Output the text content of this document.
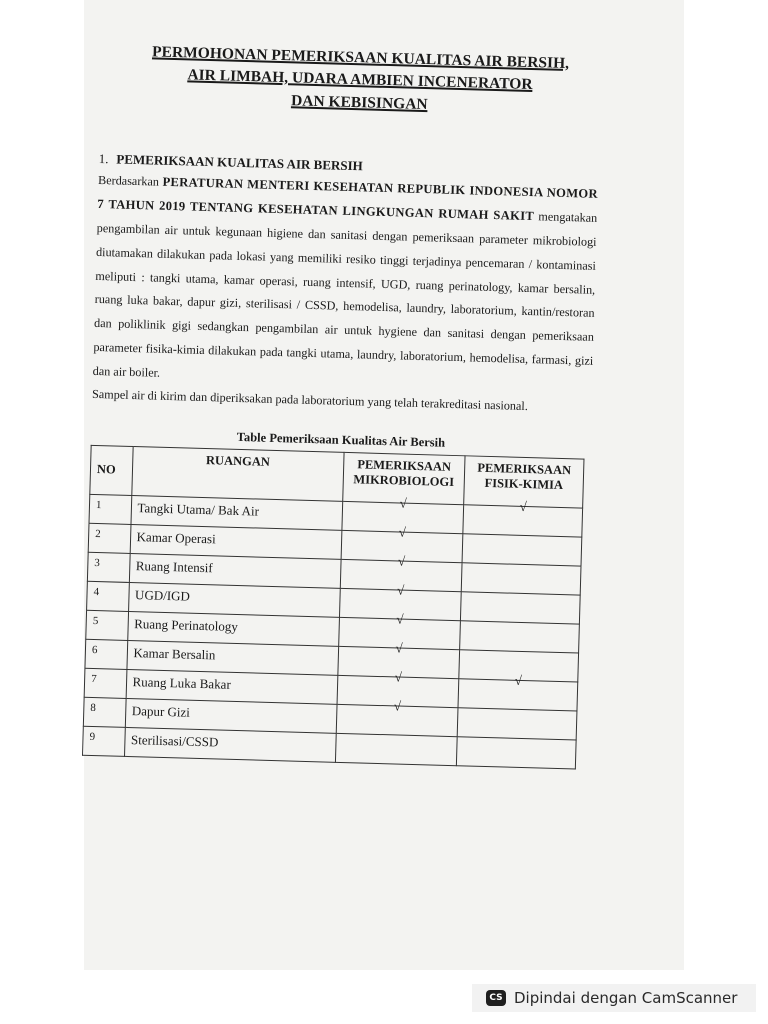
PERMOHONAN PEMERIKSAAN KUALITAS AIR BERSIH,
AIR LIMBAH, UDARA AMBIEN INCENERATOR
DAN KEBISINGAN
1. PEMERIKSAAN KUALITAS AIR BERSIH
Berdasarkan PERATURAN MENTERI KESEHATAN REPUBLIK INDONESIA NOMOR 7 TAHUN 2019 TENTANG KESEHATAN LINGKUNGAN RUMAH SAKIT mengatakan pengambilan air untuk kegunaan higiene dan sanitasi dengan pemeriksaan parameter mikrobiologi diutamakan dilakukan pada lokasi yang memiliki resiko tinggi terjadinya pencemaran / kontaminasi meliputi : tangki utama, kamar operasi, ruang intensif, UGD, ruang perinatology, kamar bersalin, ruang luka bakar, dapur gizi, sterilisasi / CSSD, hemodelisa, laundry, laboratorium, kantin/restoran dan poliklinik gigi sedangkan pengambilan air untuk hygiene dan sanitasi dengan pemeriksaan parameter fisika-kimia dilakukan pada tangki utama, laundry, laboratorium, hemodelisa, farmasi, gizi dan air boiler.
Sampel air di kirim dan diperiksakan pada laboratorium yang telah terakreditasi nasional.
Table Pemeriksaan Kualitas Air Bersih
NO	RUANGAN	PEMERIKSAAN MIKROBIOLOGI	PEMERIKSAAN FISIK-KIMIA
1	Tangki Utama/ Bak Air	√	√
2	Kamar Operasi	√	
3	Ruang Intensif	√	
4	UGD/IGD	√	
5	Ruang Perinatology	√	
6	Kamar Bersalin	√	
7	Ruang Luka Bakar	√	√
8	Dapur Gizi	√	
9	Sterilisasi/CSSD		
CS Dipindai dengan CamScanner
